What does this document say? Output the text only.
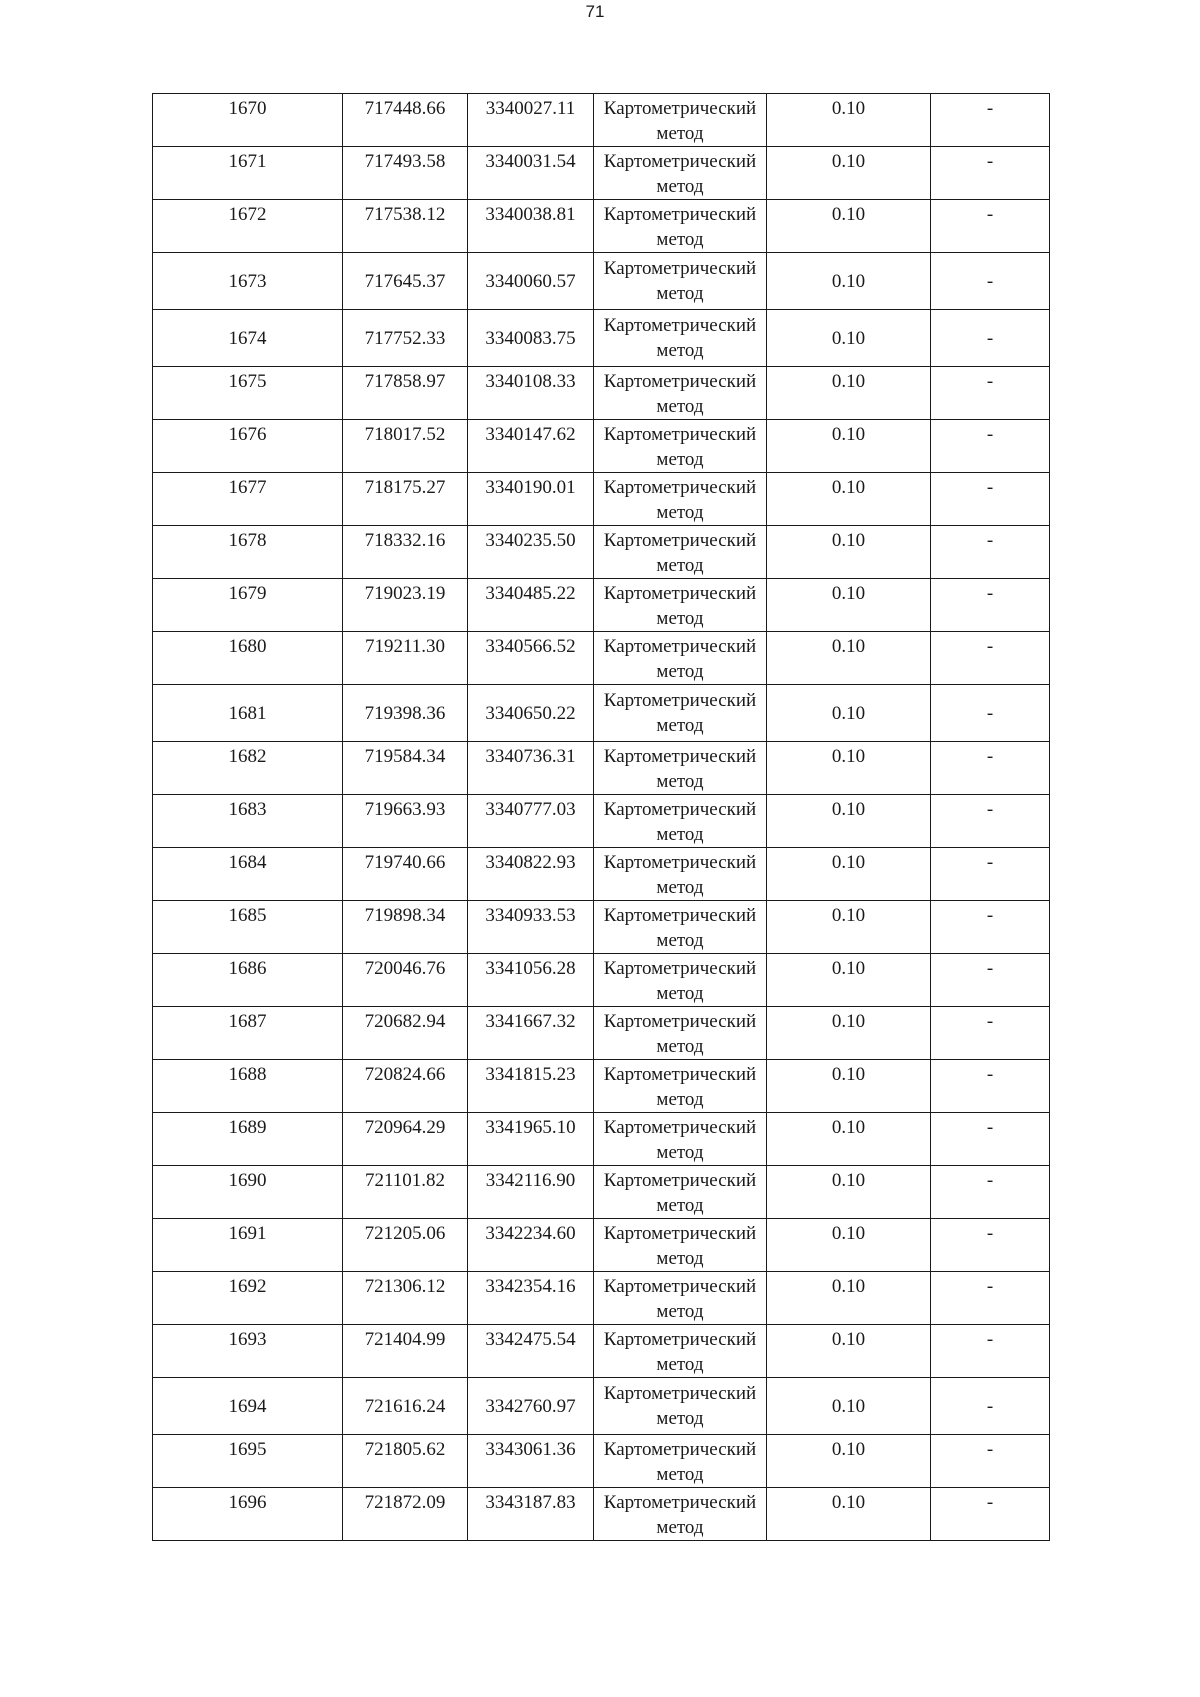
71
1670	717448.66	3340027.11	Картометрический метод	0.10	-
1671	717493.58	3340031.54	Картометрический метод	0.10	-
1672	717538.12	3340038.81	Картометрический метод	0.10	-
1673	717645.37	3340060.57	Картометрический метод	0.10	-
1674	717752.33	3340083.75	Картометрический метод	0.10	-
1675	717858.97	3340108.33	Картометрический метод	0.10	-
1676	718017.52	3340147.62	Картометрический метод	0.10	-
1677	718175.27	3340190.01	Картометрический метод	0.10	-
1678	718332.16	3340235.50	Картометрический метод	0.10	-
1679	719023.19	3340485.22	Картометрический метод	0.10	-
1680	719211.30	3340566.52	Картометрический метод	0.10	-
1681	719398.36	3340650.22	Картометрический метод	0.10	-
1682	719584.34	3340736.31	Картометрический метод	0.10	-
1683	719663.93	3340777.03	Картометрический метод	0.10	-
1684	719740.66	3340822.93	Картометрический метод	0.10	-
1685	719898.34	3340933.53	Картометрический метод	0.10	-
1686	720046.76	3341056.28	Картометрический метод	0.10	-
1687	720682.94	3341667.32	Картометрический метод	0.10	-
1688	720824.66	3341815.23	Картометрический метод	0.10	-
1689	720964.29	3341965.10	Картометрический метод	0.10	-
1690	721101.82	3342116.90	Картометрический метод	0.10	-
1691	721205.06	3342234.60	Картометрический метод	0.10	-
1692	721306.12	3342354.16	Картометрический метод	0.10	-
1693	721404.99	3342475.54	Картометрический метод	0.10	-
1694	721616.24	3342760.97	Картометрический метод	0.10	-
1695	721805.62	3343061.36	Картометрический метод	0.10	-
1696	721872.09	3343187.83	Картометрический метод	0.10	-
